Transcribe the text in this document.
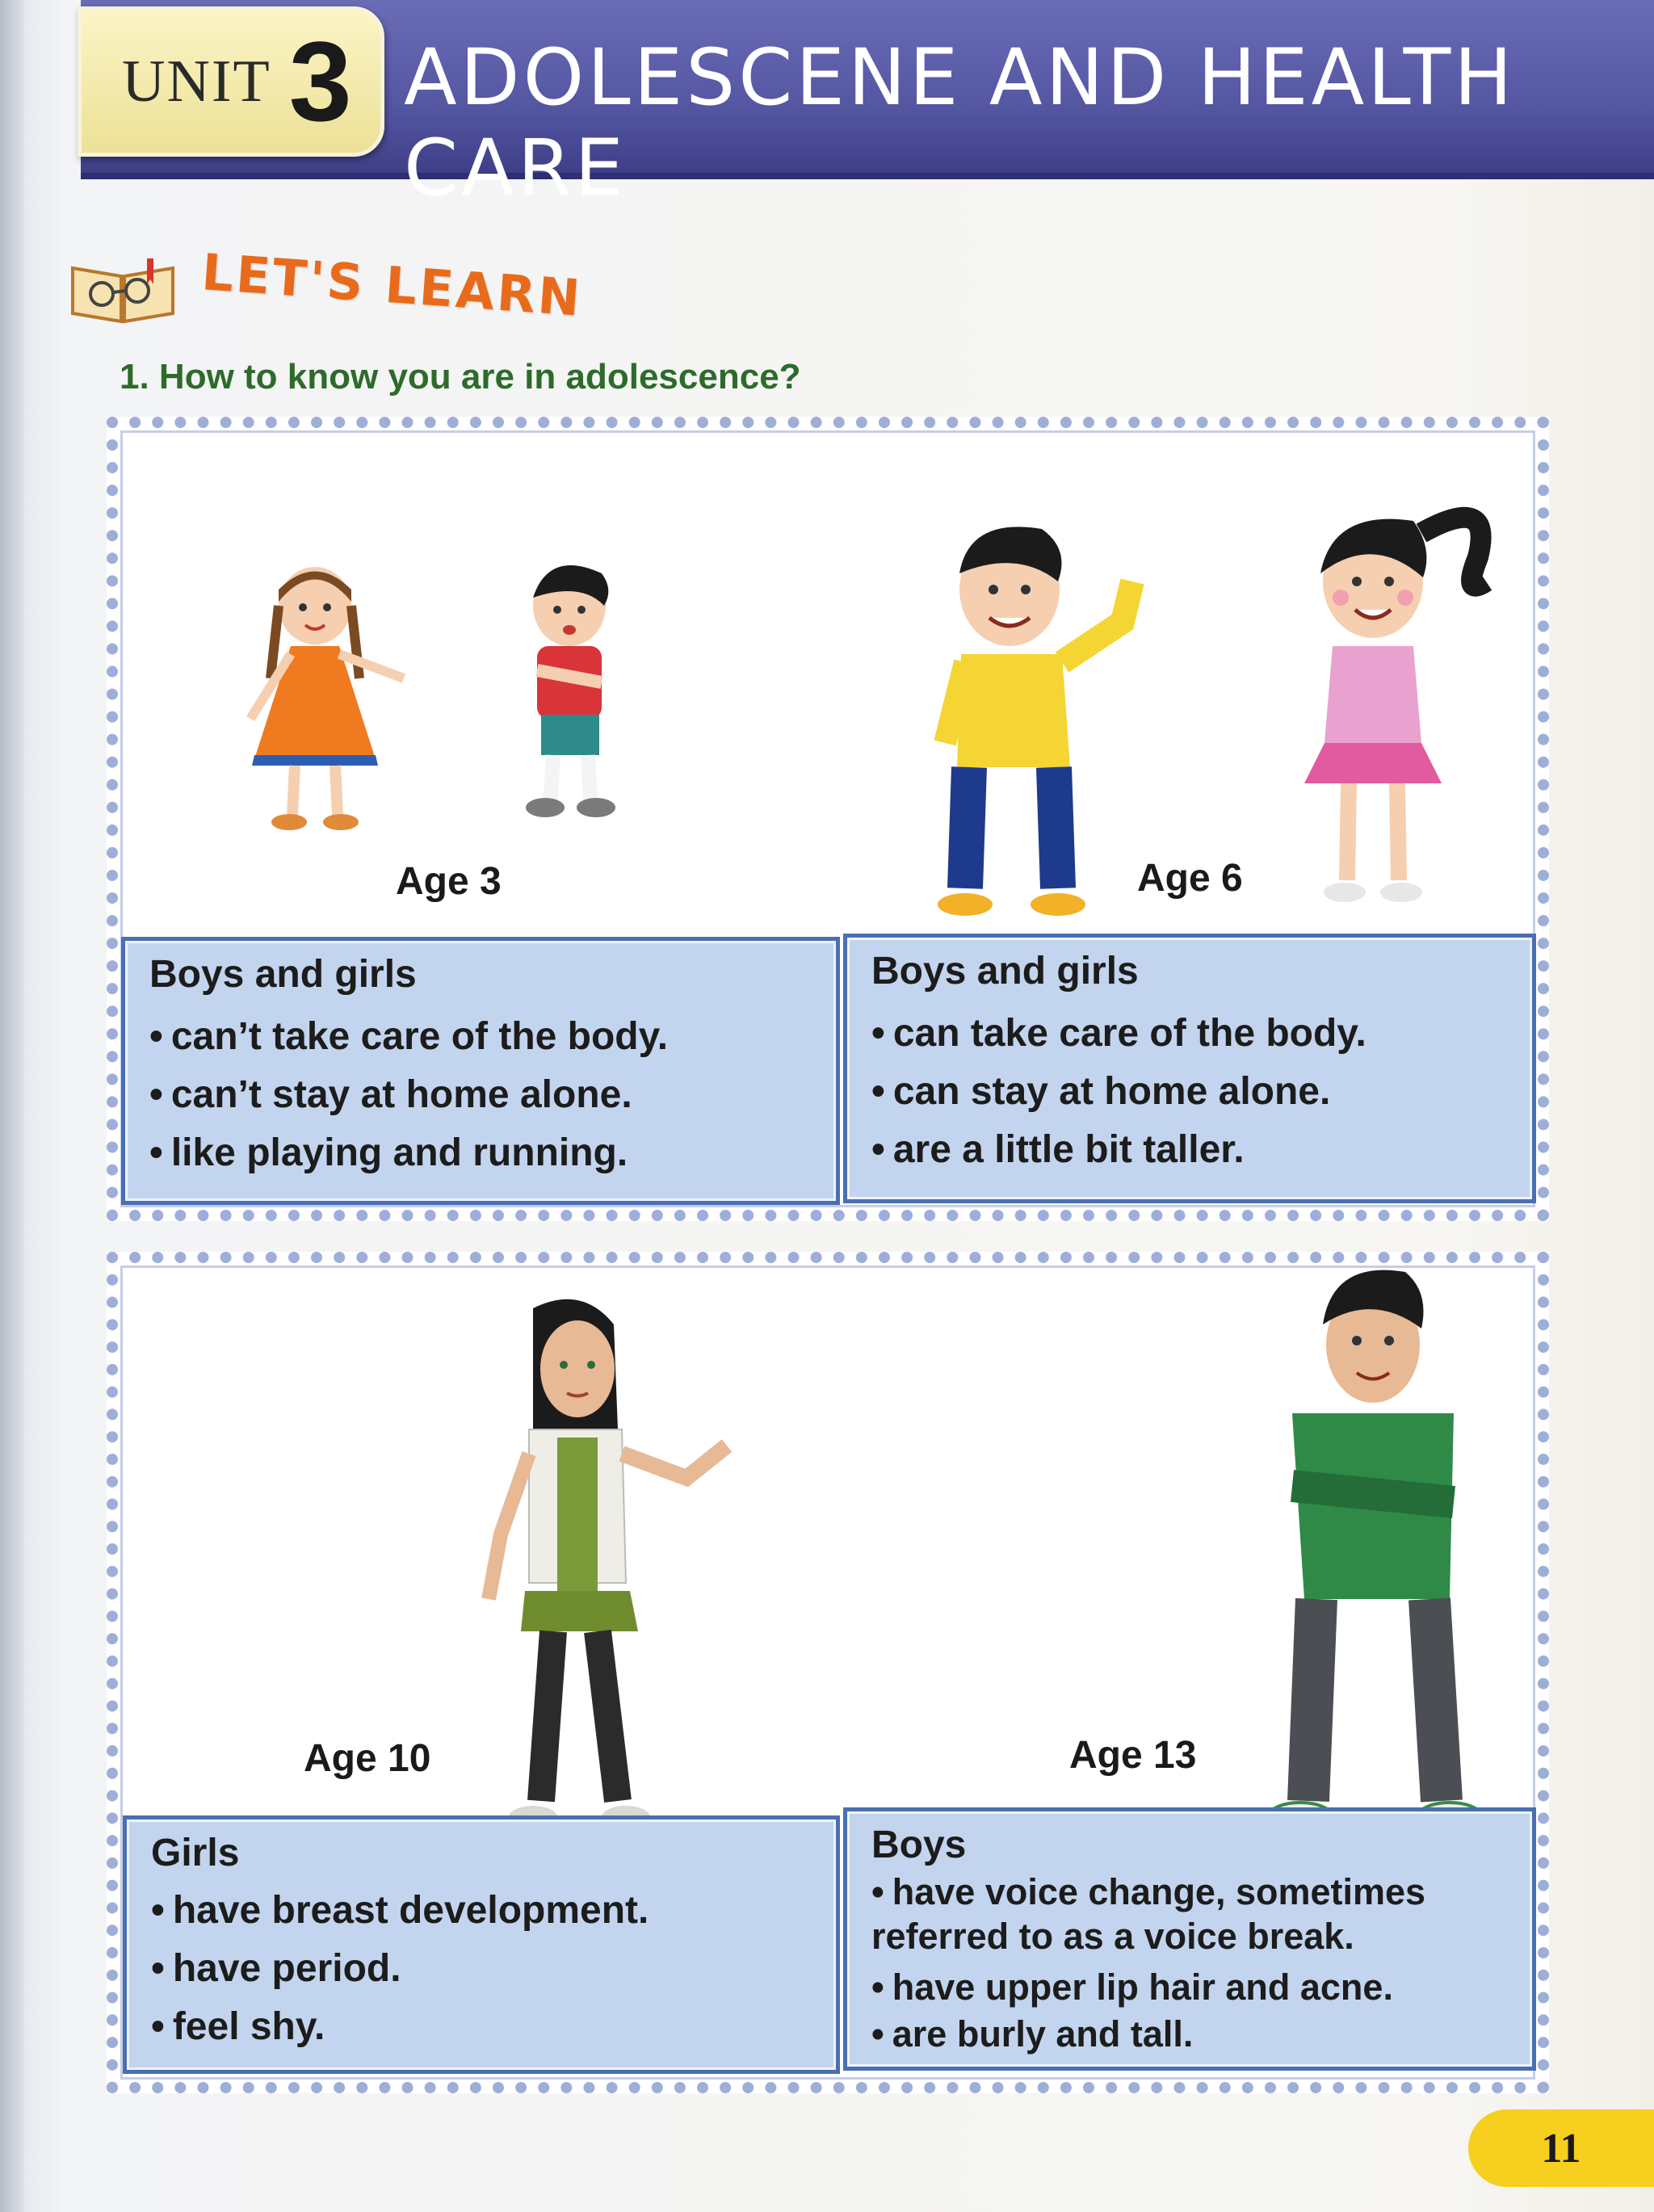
UNIT 3 ADOLESCENE AND HEALTH CARE
LET'S LEARN
1. How to know you are in adolescence?
Age 3	Age 6
Boys and girls
• can’t take care of the body.
• can’t stay at home alone.
• like playing and running.
Boys and girls
• can take care of the body.
• can stay at home alone.
• are a little bit taller.
Age 10	Age 13
Girls
• have breast development.
• have period.
• feel shy.
Boys
• have voice change, sometimes referred to as a voice break.
• have upper lip hair and acne.
• are burly and tall.
11
